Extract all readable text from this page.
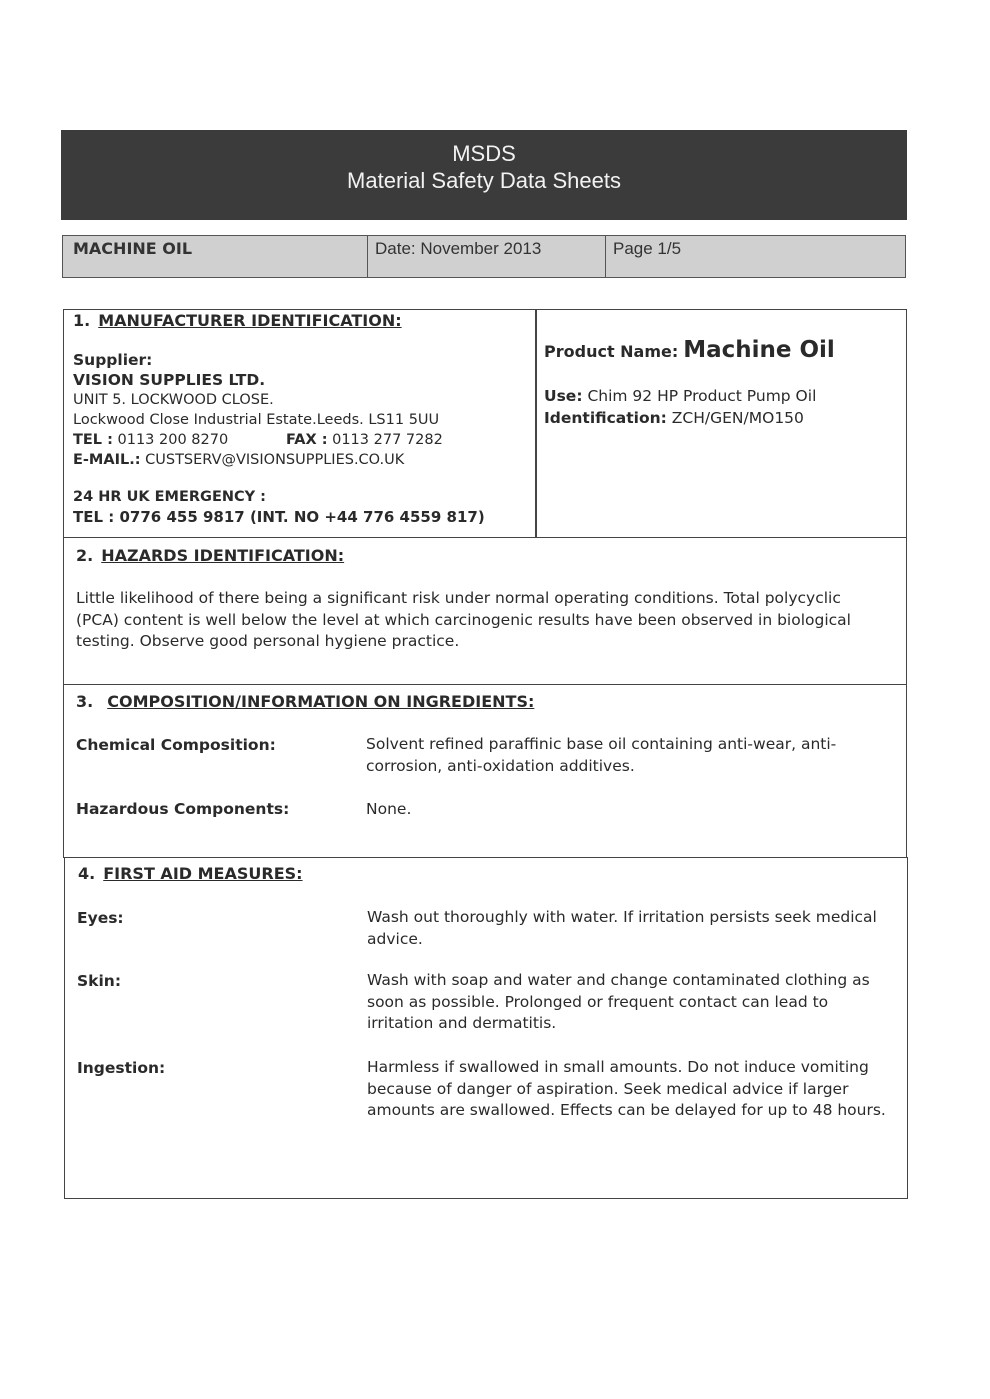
MSDS
Material Safety Data Sheets
MACHINE OIL	Date: November 2013	Page 1/5
1. MANUFACTURER IDENTIFICATION:
Supplier:
VISION SUPPLIES LTD.
UNIT 5. LOCKWOOD CLOSE.
Lockwood Close Industrial Estate.Leeds. LS11 5UU
TEL : 0113 200 8270	FAX : 0113 277 7282
E-MAIL.: CUSTSERV@VISIONSUPPLIES.CO.UK
24 HR UK EMERGENCY :
TEL : 0776 455 9817 (INT. NO +44 776 4559 817)
Product Name: Machine Oil
Use: Chim 92 HP Product Pump Oil
Identification: ZCH/GEN/MO150
2. HAZARDS IDENTIFICATION:
Little likelihood of there being a significant risk under normal operating conditions. Total polycyclic (PCA) content is well below the level at which carcinogenic results have been observed in biological testing. Observe good personal hygiene practice.
3. COMPOSITION/INFORMATION ON INGREDIENTS:
Chemical Composition:	Solvent refined paraffinic base oil containing anti-wear, anti-corrosion, anti-oxidation additives.
Hazardous Components:	None.
4. FIRST AID MEASURES:
Eyes:	Wash out thoroughly with water. If irritation persists seek medical advice.
Skin:	Wash with soap and water and change contaminated clothing as soon as possible. Prolonged or frequent contact can lead to irritation and dermatitis.
Ingestion:	Harmless if swallowed in small amounts. Do not induce vomiting because of danger of aspiration. Seek medical advice if larger amounts are swallowed. Effects can be delayed for up to 48 hours.
